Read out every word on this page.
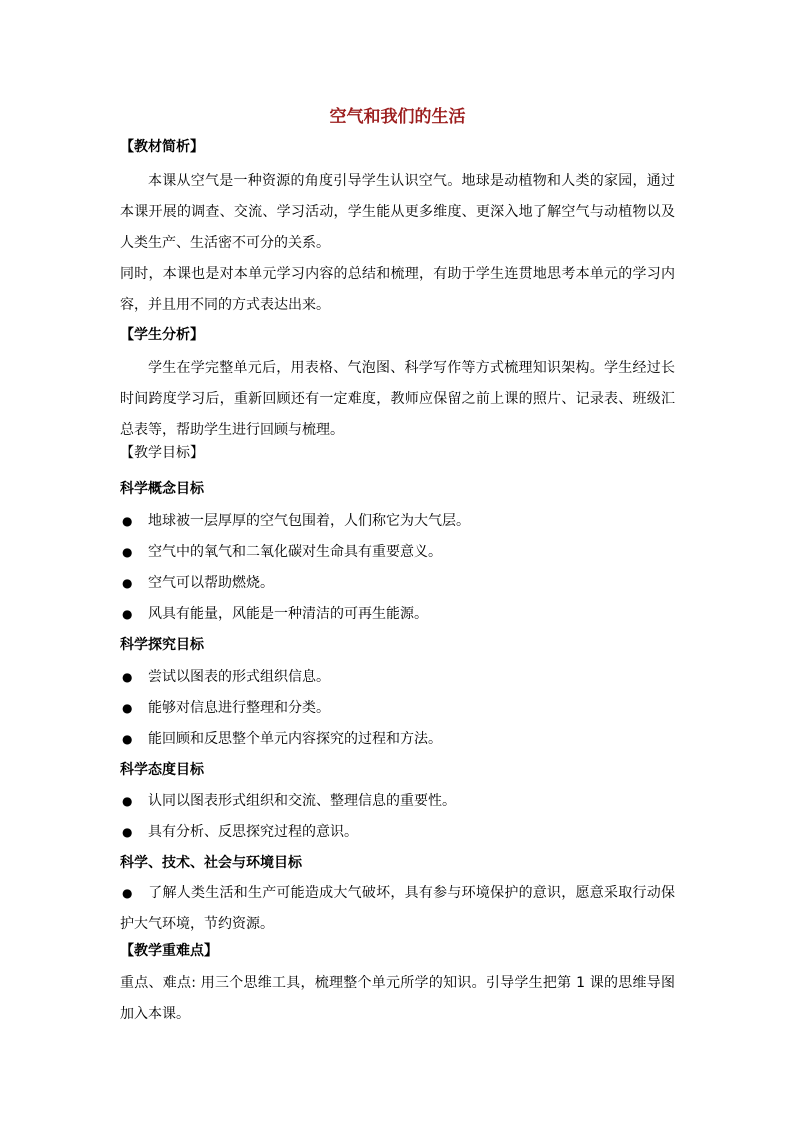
空气和我们的生活
【教材简析】
本课从空气是一种资源的角度引导学生认识空气。地球是动植物和人类的家园，通过本课开展的调查、交流、学习活动，学生能从更多维度、更深入地了解空气与动植物以及人类生产、生活密不可分的关系。
同时，本课也是对本单元学习内容的总结和梳理，有助于学生连贯地思考本单元的学习内容，并且用不同的方式表达出来。
【学生分析】
学生在学完整单元后，用表格、气泡图、科学写作等方式梳理知识架构。学生经过长时间跨度学习后，重新回顾还有一定难度，教师应保留之前上课的照片、记录表、班级汇总表等，帮助学生进行回顾与梳理。
【教学目标】
科学概念目标
● 地球被一层厚厚的空气包围着，人们称它为大气层。
● 空气中的氧气和二氧化碳对生命具有重要意义。
● 空气可以帮助燃烧。
● 风具有能量，风能是一种清洁的可再生能源。
科学探究目标
● 尝试以图表的形式组织信息。
● 能够对信息进行整理和分类。
● 能回顾和反思整个单元内容探究的过程和方法。
科学态度目标
● 认同以图表形式组织和交流、整理信息的重要性。
● 具有分析、反思探究过程的意识。
科学、技术、社会与环境目标
● 了解人类生活和生产可能造成大气破坏，具有参与环境保护的意识，愿意采取行动保护大气环境，节约资源。
【教学重难点】
重点、难点: 用三个思维工具，梳理整个单元所学的知识。引导学生把第 1 课的思维导图加入本课。
